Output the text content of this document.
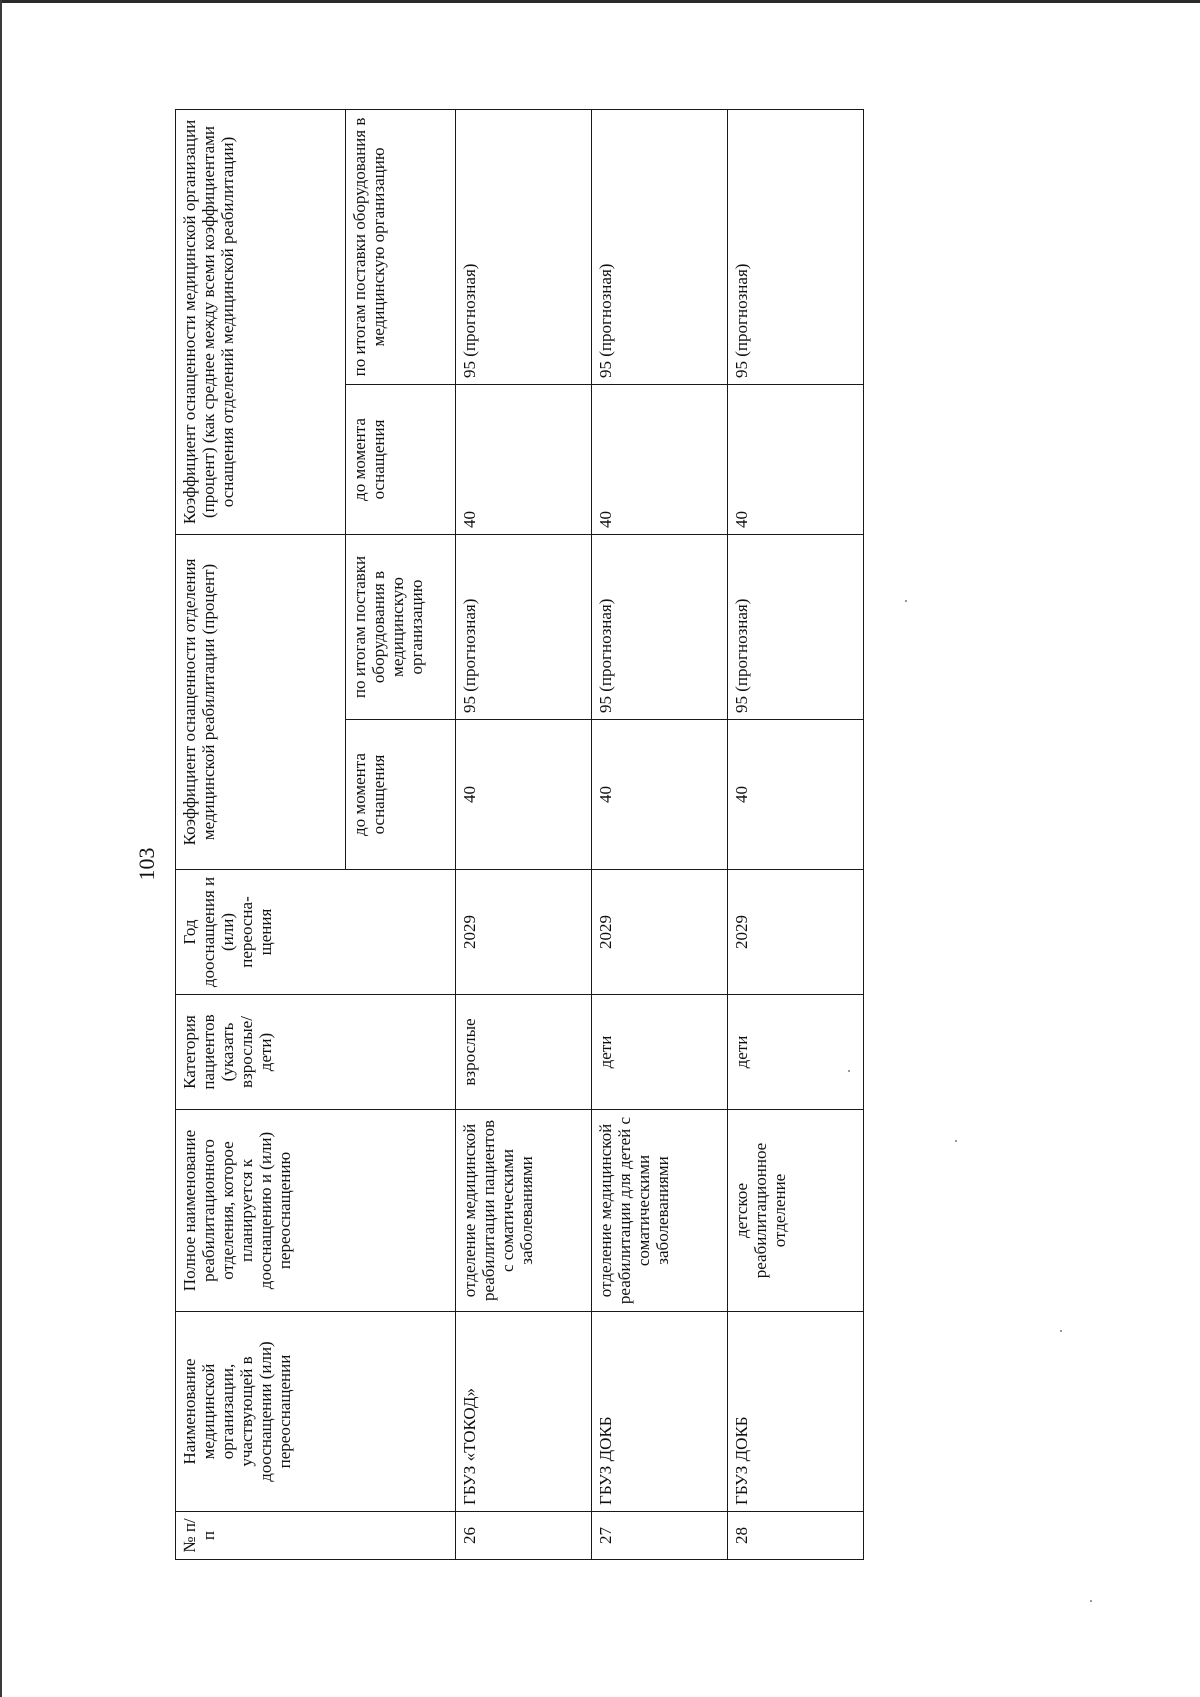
103
№ п/п	Наименование медицинской организации, участвующей в дооснащении (или) переоснащении	Полное наименование реабилитационного отделения, которое планируется к дооснащению и (или) переоснащению	Категория пациентов (указать взрослые/ дети)	Год дооснащения и (или) переосна-щения	Коэффициент оснащенности отделения медицинской реабилитации (процент)		Коэффициент оснащенности медицинской организации (процент) (как среднее между всеми коэффициентами оснащения отделений медицинской реабилитации)	
					до момента оснащения	по итогам поставки оборудования в медицинскую организацию	до момента оснащения	по итогам поставки оборудования в медицинскую организацию
26	ГБУЗ «ТОКОД»	отделение медицинской реабилитации пациентов с соматическими заболеваниями	взрослые	2029	40	95 (прогнозная)	40	95 (прогнозная)
27	ГБУЗ ДОКБ	отделение медицинской реабилитации для детей с соматическими заболеваниями	дети	2029	40	95 (прогнозная)	40	95 (прогнозная)
28	ГБУЗ ДОКБ	детское реабилитационное отделение	дети	2029	40	95 (прогнозная)	40	95 (прогнозная)
